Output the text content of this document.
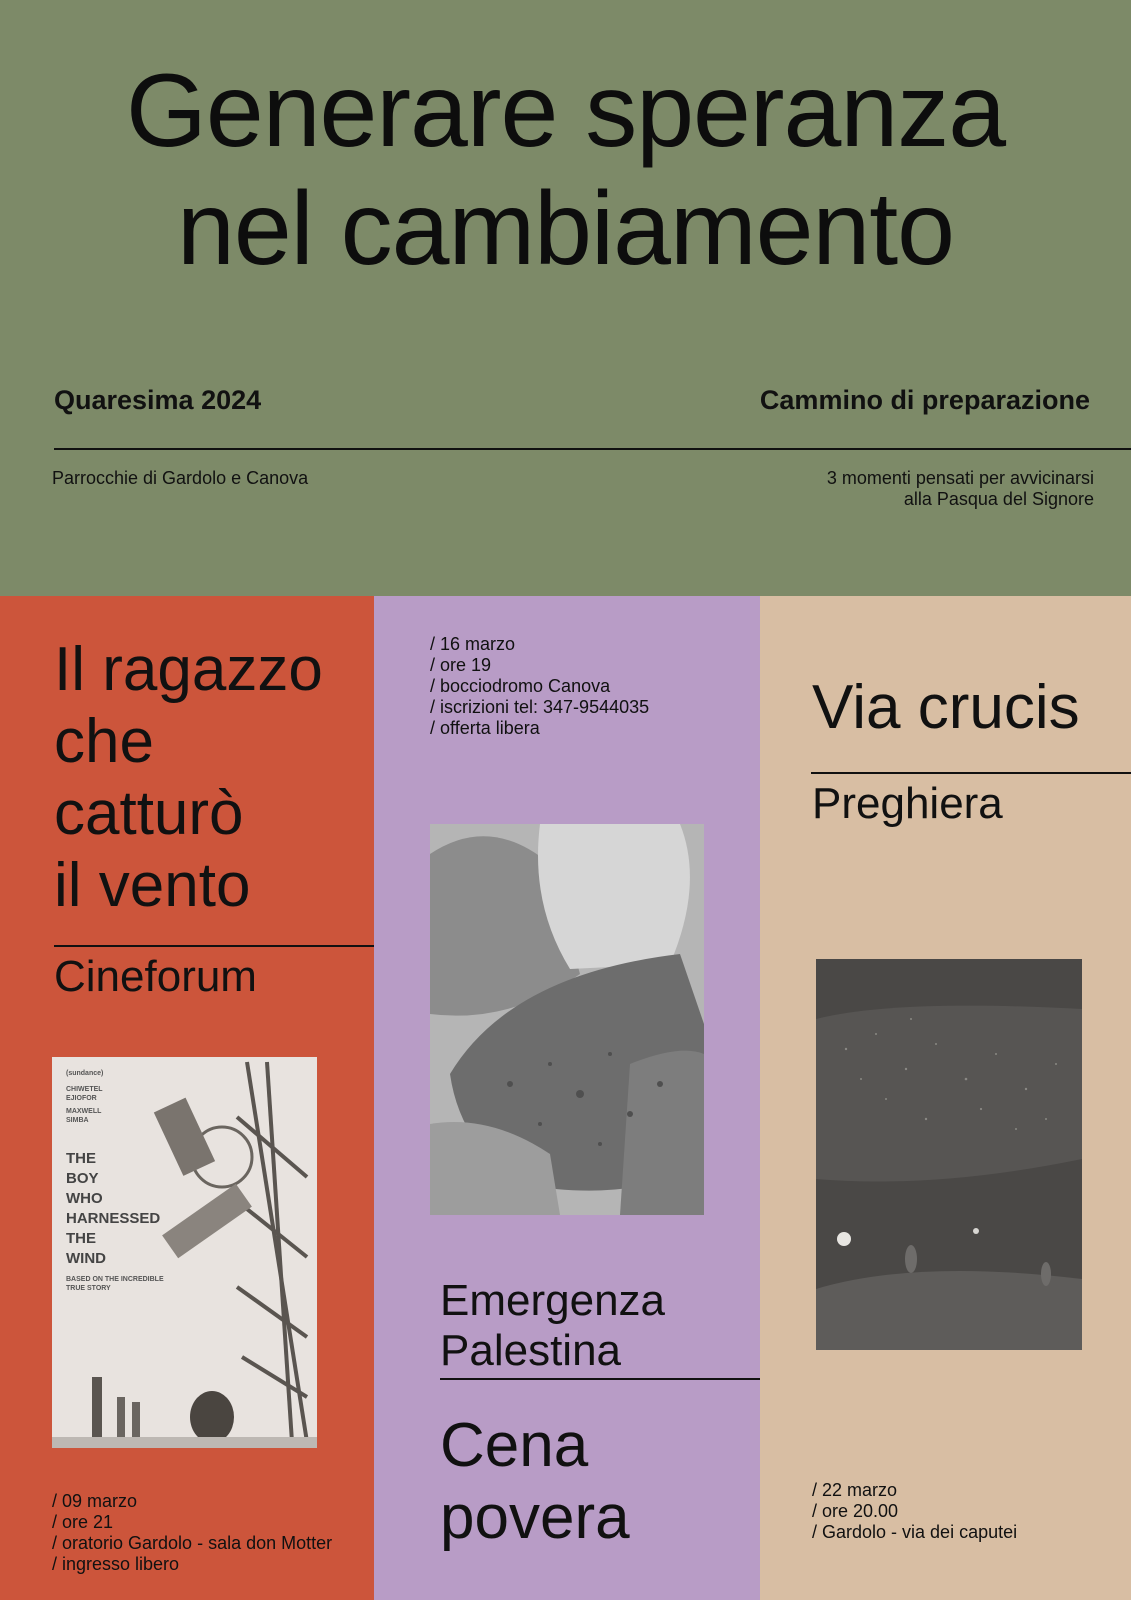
Generare speranza
nel cambiamento
Quaresima 2024	Cammino di preparazione
Parrocchie di Gardolo e Canova	3 momenti pensati per avvicinarsi
alla Pasqua del Signore
Il ragazzo
che
catturò
il vento
Cineforum
(sundance)
CHIWETEL
EJIOFOR
MAXWELL
SIMBA
THE
BOY
WHO
HARNESSED
THE
WIND
BASED ON THE INCREDIBLE TRUE STORY
/ 09 marzo
/ ore 21
/ oratorio Gardolo - sala don Motter
/ ingresso libero
/ 16 marzo
/ ore 19
/ bocciodromo Canova
/ iscrizioni tel: 347-9544035
/ offerta libera
Emergenza
Palestina
Cena
povera
Via crucis
Preghiera
/ 22 marzo
/ ore 20.00
/ Gardolo - via dei caputei
